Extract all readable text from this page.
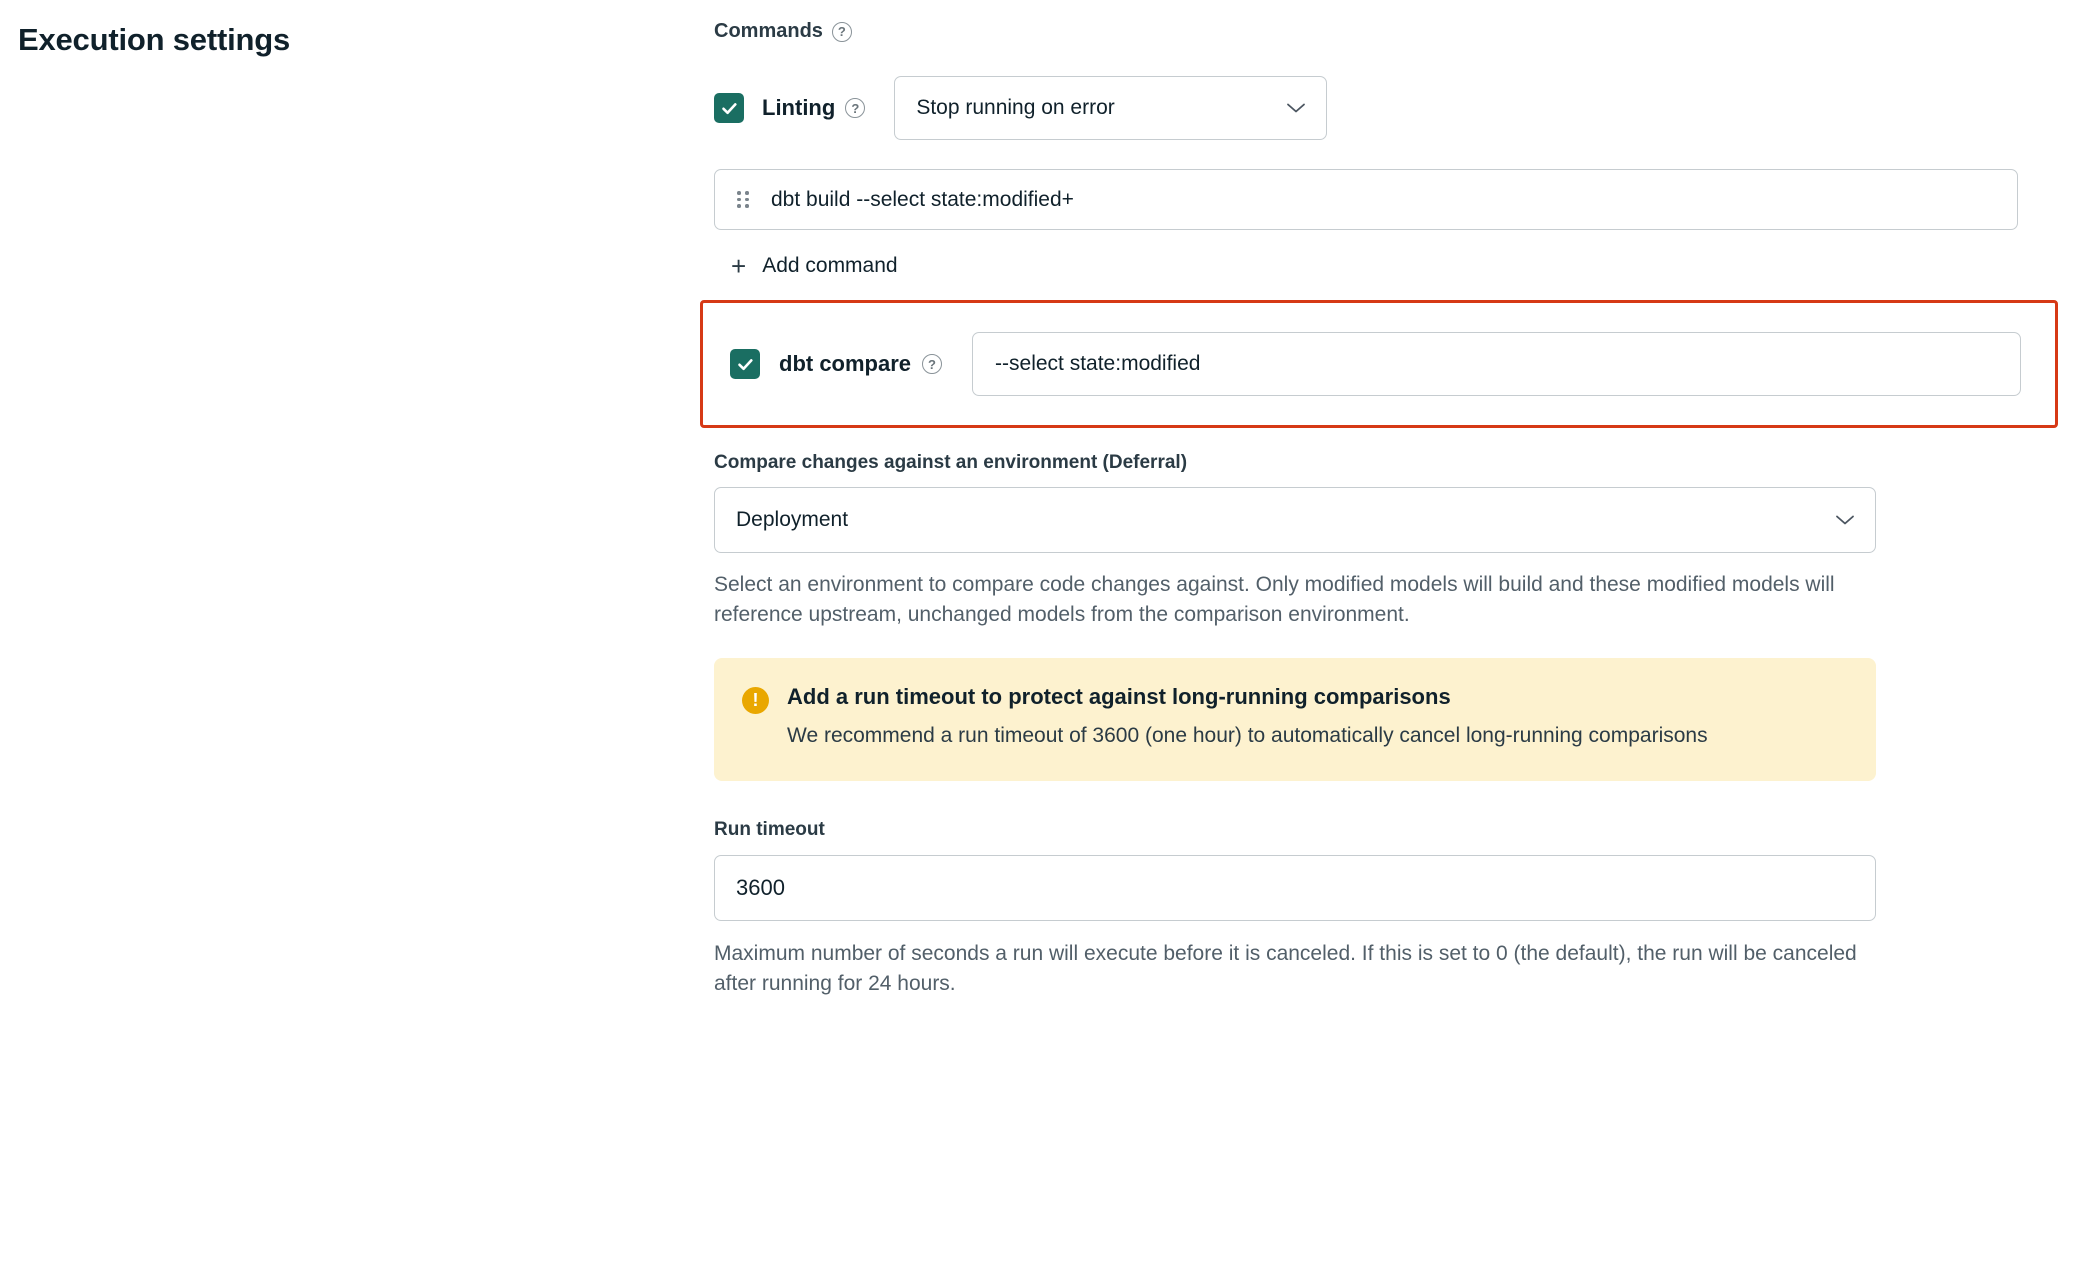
Execution settings	Commands	?
Linting	?	Stop running on error
dbt build --select state:modified+
+ Add command
dbt compare	?	--select state:modified
Compare changes against an environment (Deferral)
Deployment
Select an environment to compare code changes against. Only modified models will build and these modified models will reference upstream, unchanged models from the comparison environment.
!	Add a run timeout to protect against long-running comparisons
We recommend a run timeout of 3600 (one hour) to automatically cancel long-running comparisons
Run timeout
3600
Maximum number of seconds a run will execute before it is canceled. If this is set to 0 (the default), the run will be canceled after running for 24 hours.
